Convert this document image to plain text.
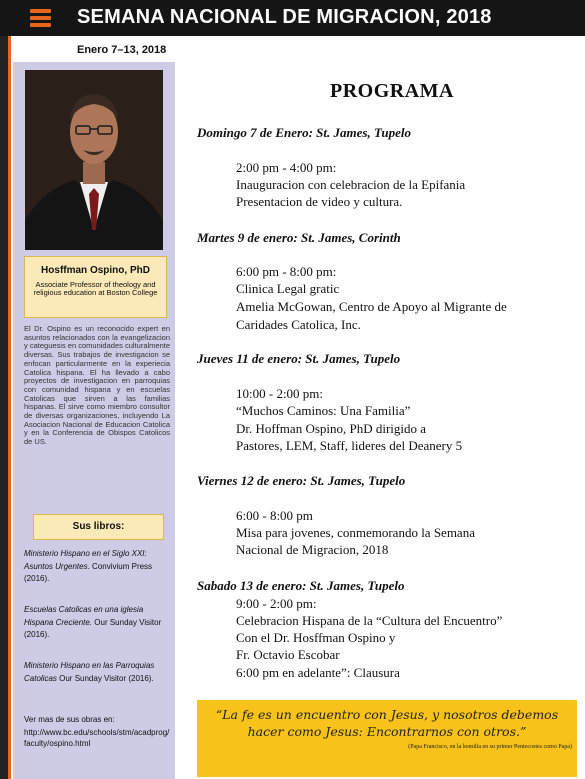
SEMANA NACIONAL DE MIGRACION, 2018
Enero 7–13, 2018
Hosffman Ospino, PhD
Associate Professor of theology and religious education at Boston College
El Dr. Ospino es un reconocido expert en asuntos relacionados con la evangelizacion y categuesis en comunidades culturalmente diversas. Sus trabajos de investigacion se enfocan particularmente en la experiecia Catolica hispana. El ha llevado a cabo proyectos de investigacion en parroquias con comunidad hispana y en escuelas Catolicas que sirven a las familias hispanas. El sirve como miembro consultor de diversas organizaciones, incluyendo La Asociacion Nacional de Educacion Catolica y en la Conferencia de Obispos Catolicos de US.
Sus libros:
Ministerio Hispano en el Siglo XXI: Asuntos Urgentes. Convivium Press (2016).
Escuelas Catolicas en una iglesia Hispana Creciente. Our Sunday Visitor (2016).
Ministerio Hispano en las Parroquias Catolicas Our Sunday Visitor (2016).
Ver mas de sus obras en:
http://www.bc.edu/schools/stm/acadprog/faculty/ospino.html
PROGRAMA
Domingo 7 de Enero: St. James, Tupelo
2:00 pm - 4:00 pm:
Inauguracion con celebracion de la Epifania
Presentacion de video y cultura.
Martes 9 de enero: St. James, Corinth
6:00 pm - 8:00 pm:
Clinica Legal gratic
Amelia McGowan, Centro de Apoyo al Migrante de
Caridades Catolica, Inc.
Jueves 11 de enero: St. James, Tupelo
10:00 - 2:00 pm:
“Muchos Caminos: Una Familia”
Dr. Hoffman Ospino, PhD dirigido a
Pastores, LEM, Staff, lideres del Deanery 5
Viernes 12 de enero: St. James, Tupelo
6:00 - 8:00 pm
Misa para jovenes, conmemorando la Semana
Nacional de Migracion, 2018
Sabado 13 de enero: St. James, Tupelo
9:00 - 2:00 pm:
Celebracion Hispana de la “Cultura del Encuentro”
Con el Dr. Hosffman Ospino y
Fr. Octavio Escobar
6:00 pm en adelante”: Clausura
“La fe es un encuentro con Jesus, y nosotros debemos hacer como Jesus: Encontrarnos con otros.”
(Papa Francisco, en la homilia en su primer Pentecostes como Papa)
